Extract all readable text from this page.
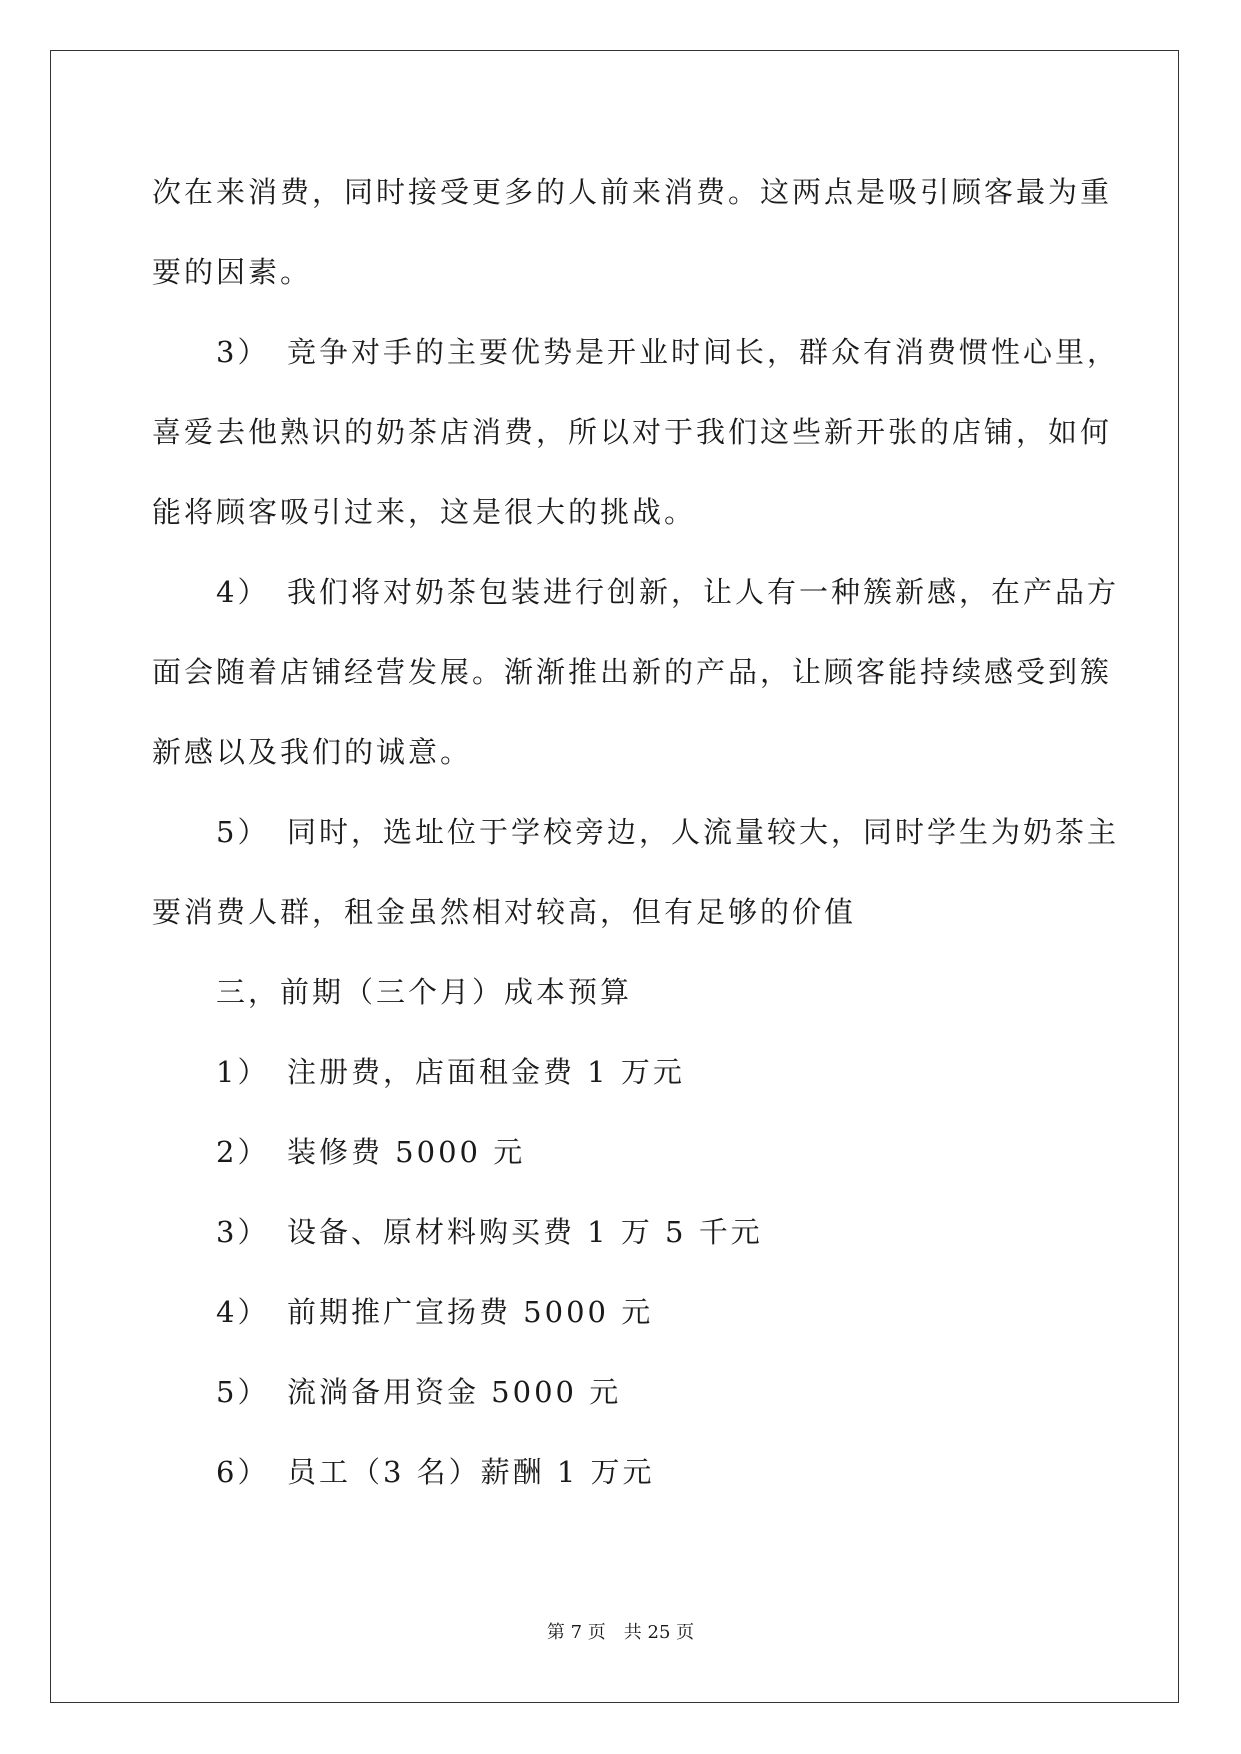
次在来消费，同时接受更多的人前来消费。这两点是吸引顾客最为重
要的因素。
　　3）　竞争对手的主要优势是开业时间长，群众有消费惯性心里，
喜爱去他熟识的奶茶店消费，所以对于我们这些新开张的店铺，如何
能将顾客吸引过来，这是很大的挑战。
　　4）　我们将对奶茶包装进行创新，让人有一种簇新感，在产品方
面会随着店铺经营发展。渐渐推出新的产品，让顾客能持续感受到簇
新感以及我们的诚意。
　　5）　同时，选址位于学校旁边，人流量较大，同时学生为奶茶主
要消费人群，租金虽然相对较高，但有足够的价值
　　三，前期（三个月）成本预算
　　1）　注册费，店面租金费 1 万元
　　2）　装修费 5000 元
　　3）　设备、原材料购买费 1 万 5 千元
　　4）　前期推广宣扬费 5000 元
　　5）　流淌备用资金 5000 元
　　6）　员工（3 名）薪酬 1 万元
第 7 页　共 25 页
